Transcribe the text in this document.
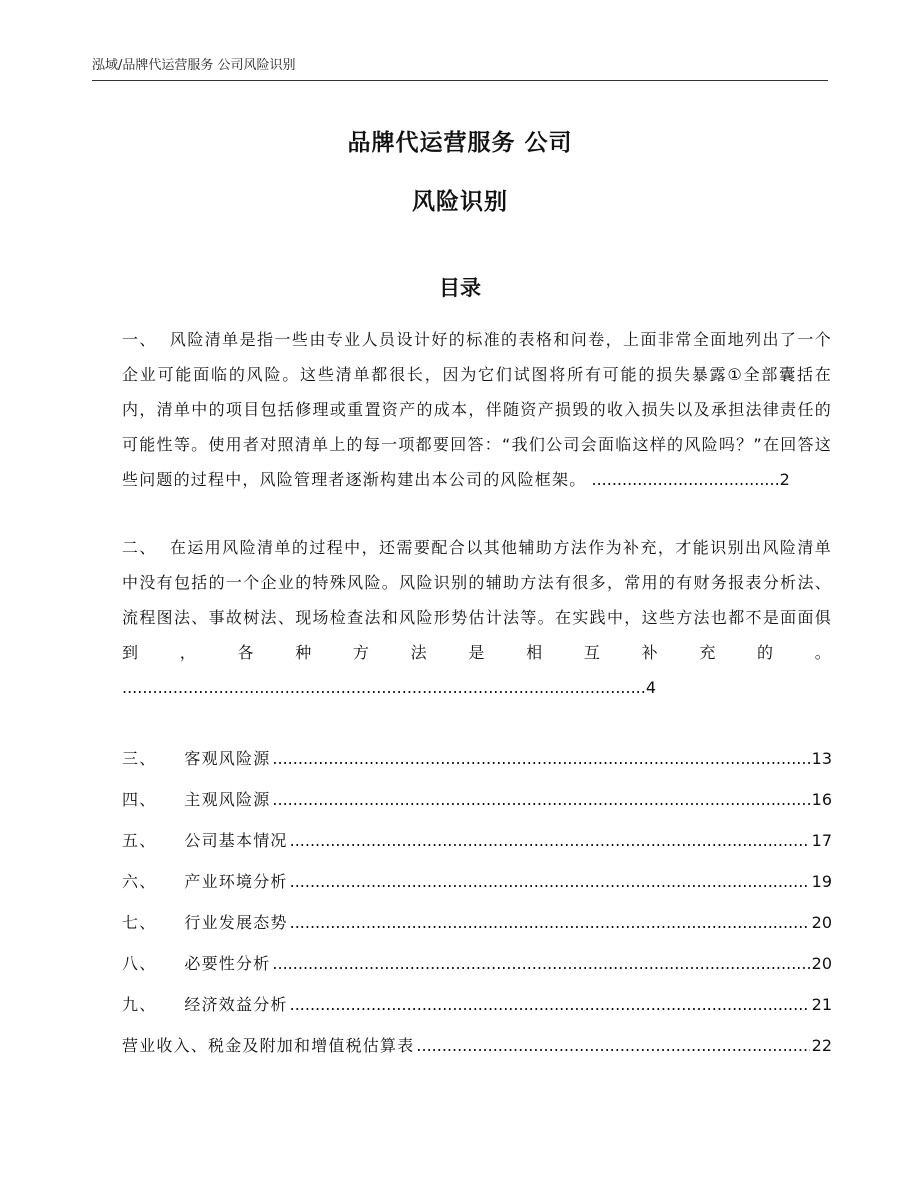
泓域/品牌代运营服务 公司风险识别
品牌代运营服务 公司
风险识别
目录
一、 风险清单是指一些由专业人员设计好的标准的表格和问卷，上面非常全面地列出了一个企业可能面临的风险。这些清单都很长，因为它们试图将所有可能的损失暴露①全部囊括在内，清单中的项目包括修理或重置资产的成本，伴随资产损毁的收入损失以及承担法律责任的可能性等。使用者对照清单上的每一项都要回答：“我们公司会面临这样的风险吗？”在回答这些问题的过程中，风险管理者逐渐构建出本公司的风险框架。 .....................................2
二、 在运用风险清单的过程中，还需要配合以其他辅助方法作为补充，才能识别出风险清单中没有包括的一个企业的特殊风险。风险识别的辅助方法有很多，常用的有财务报表分析法、流程图法、事故树法、现场检查法和风险形势估计法等。在实践中，这些方法也都不是面面俱到，各种方法是相互补充的。 .......................................................................................................4
三、 客观风险源 .....	13
四、 主观风险源 .....	16
五、 公司基本情况 .....	17
六、 产业环境分析 .....	19
七、 行业发展态势 .....	20
八、 必要性分析 .....	20
九、 经济效益分析 .....	21
营业收入、税金及附加和增值税估算表 .....	22
